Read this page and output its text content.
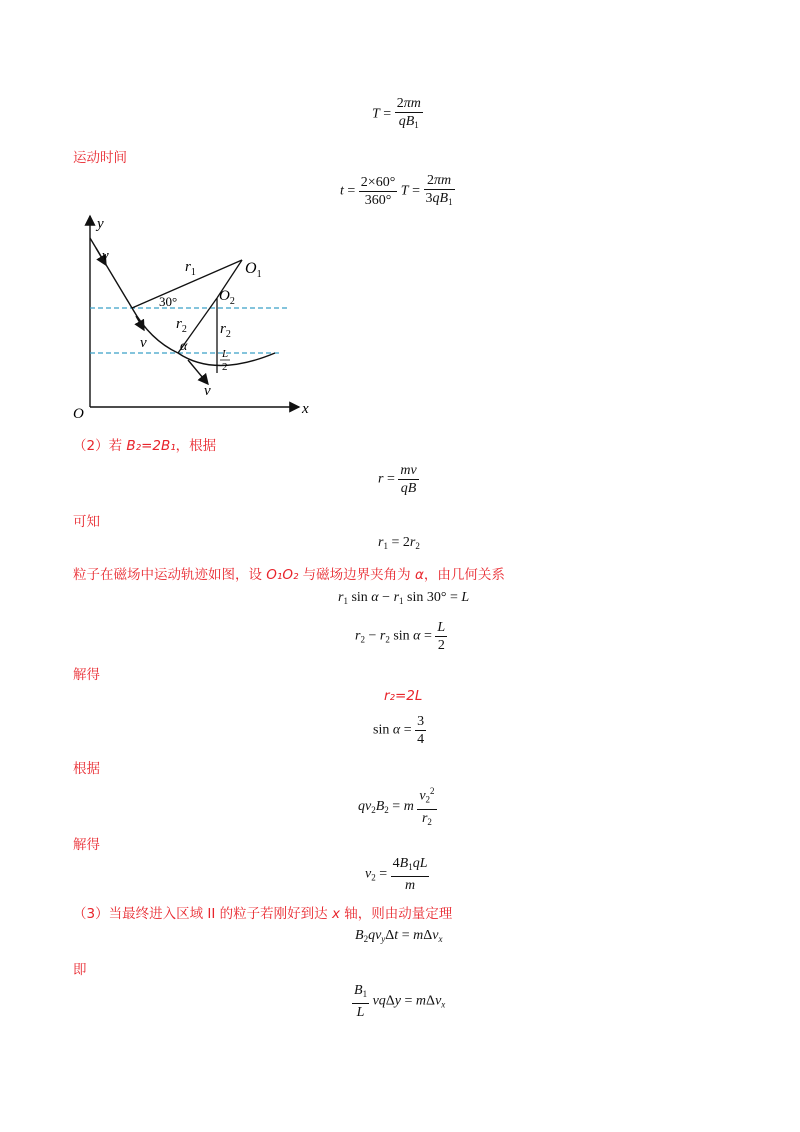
$T = \frac{2\pi m}{qB_1}$
运动时间
$t = \frac{2\times 60^\circ}{360^\circ}$ $T = \frac{2\pi m}{3qB_1}$
y
x
O
v
v
v
$r_1$	$O_1$
$O_2$
30°
$r_2$ $r_2$
α	L
2
（2）若 B₂=2B₁，根据
$r = \frac{mv}{qB}$
可知
$r_1 = 2r_2$
粒子在磁场中运动轨迹如图，设 O₁O₂ 与磁场边界夹角为 α，由几何关系
$r_1$ $\sin \alpha - r_1$ sin 30° = L
$r_2 - r_2$ $\sin \alpha = \frac{L}{2}$
解得
r₂=2L
$\sin \alpha = \frac{3}{4}$
根据
$qv_2B_2 = m \frac{v_2^2}{r_2}$
解得
$v_2 = \frac{4B_1qL}{m}$
（3）当最终进入区域 II 的粒子若刚好到达 x 轴，则由动量定理
$B_2qv_y\Delta t = m\Delta v_x$
即
$\frac{B_1}{L}$ vqΔy = mΔv$_x$
